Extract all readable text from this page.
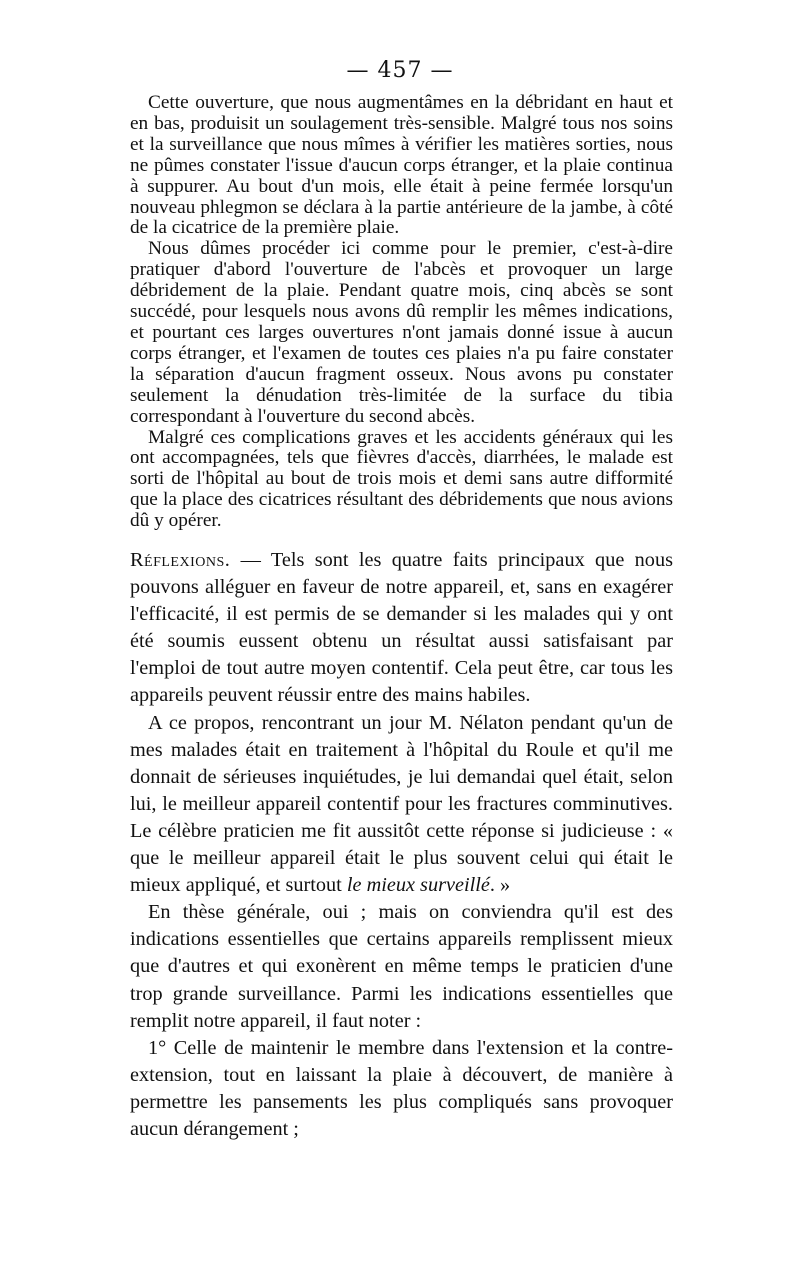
— 457 —

Cette ouverture, que nous augmentâmes en la débridant en haut et en bas, produisit un soulagement très-sensible. Malgré tous nos soins et la surveillance que nous mîmes à vérifier les matières sorties, nous ne pûmes constater l'issue d'aucun corps étranger, et la plaie continua à suppurer. Au bout d'un mois, elle était à peine fermée lorsqu'un nouveau phlegmon se déclara à la partie antérieure de la jambe, à côté de la cicatrice de la première plaie.

Nous dûmes procéder ici comme pour le premier, c'est-à-dire pratiquer d'abord l'ouverture de l'abcès et provoquer un large débridement de la plaie. Pendant quatre mois, cinq abcès se sont succédé, pour lesquels nous avons dû remplir les mêmes indications, et pourtant ces larges ouvertures n'ont jamais donné issue à aucun corps étranger, et l'examen de toutes ces plaies n'a pu faire constater la séparation d'aucun fragment osseux. Nous avons pu constater seulement la dénudation très-limitée de la surface du tibia correspondant à l'ouverture du second abcès.

Malgré ces complications graves et les accidents généraux qui les ont accompagnées, tels que fièvres d'accès, diarrhées, le malade est sorti de l'hôpital au bout de trois mois et demi sans autre difformité que la place des cicatrices résultant des débridements que nous avions dû y opérer.

Réflexions. — Tels sont les quatre faits principaux que nous pouvons alléguer en faveur de notre appareil, et, sans en exagérer l'efficacité, il est permis de se demander si les malades qui y ont été soumis eussent obtenu un résultat aussi satisfaisant par l'emploi de tout autre moyen contentif. Cela peut être, car tous les appareils peuvent réussir entre des mains habiles.

A ce propos, rencontrant un jour M. Nélaton pendant qu'un de mes malades était en traitement à l'hôpital du Roule et qu'il me donnait de sérieuses inquiétudes, je lui demandai quel était, selon lui, le meilleur appareil contentif pour les fractures comminutives. Le célèbre praticien me fit aussitôt cette réponse si judicieuse : « que le meilleur appareil était le plus souvent celui qui était le mieux appliqué, et surtout le mieux surveillé. »

En thèse générale, oui ; mais on conviendra qu'il est des indications essentielles que certains appareils remplissent mieux que d'autres et qui exonèrent en même temps le praticien d'une trop grande surveillance. Parmi les indications essentielles que remplit notre appareil, il faut noter :

1° Celle de maintenir le membre dans l'extension et la contre-extension, tout en laissant la plaie à découvert, de manière à permettre les pansements les plus compliqués sans provoquer aucun dérangement ;
